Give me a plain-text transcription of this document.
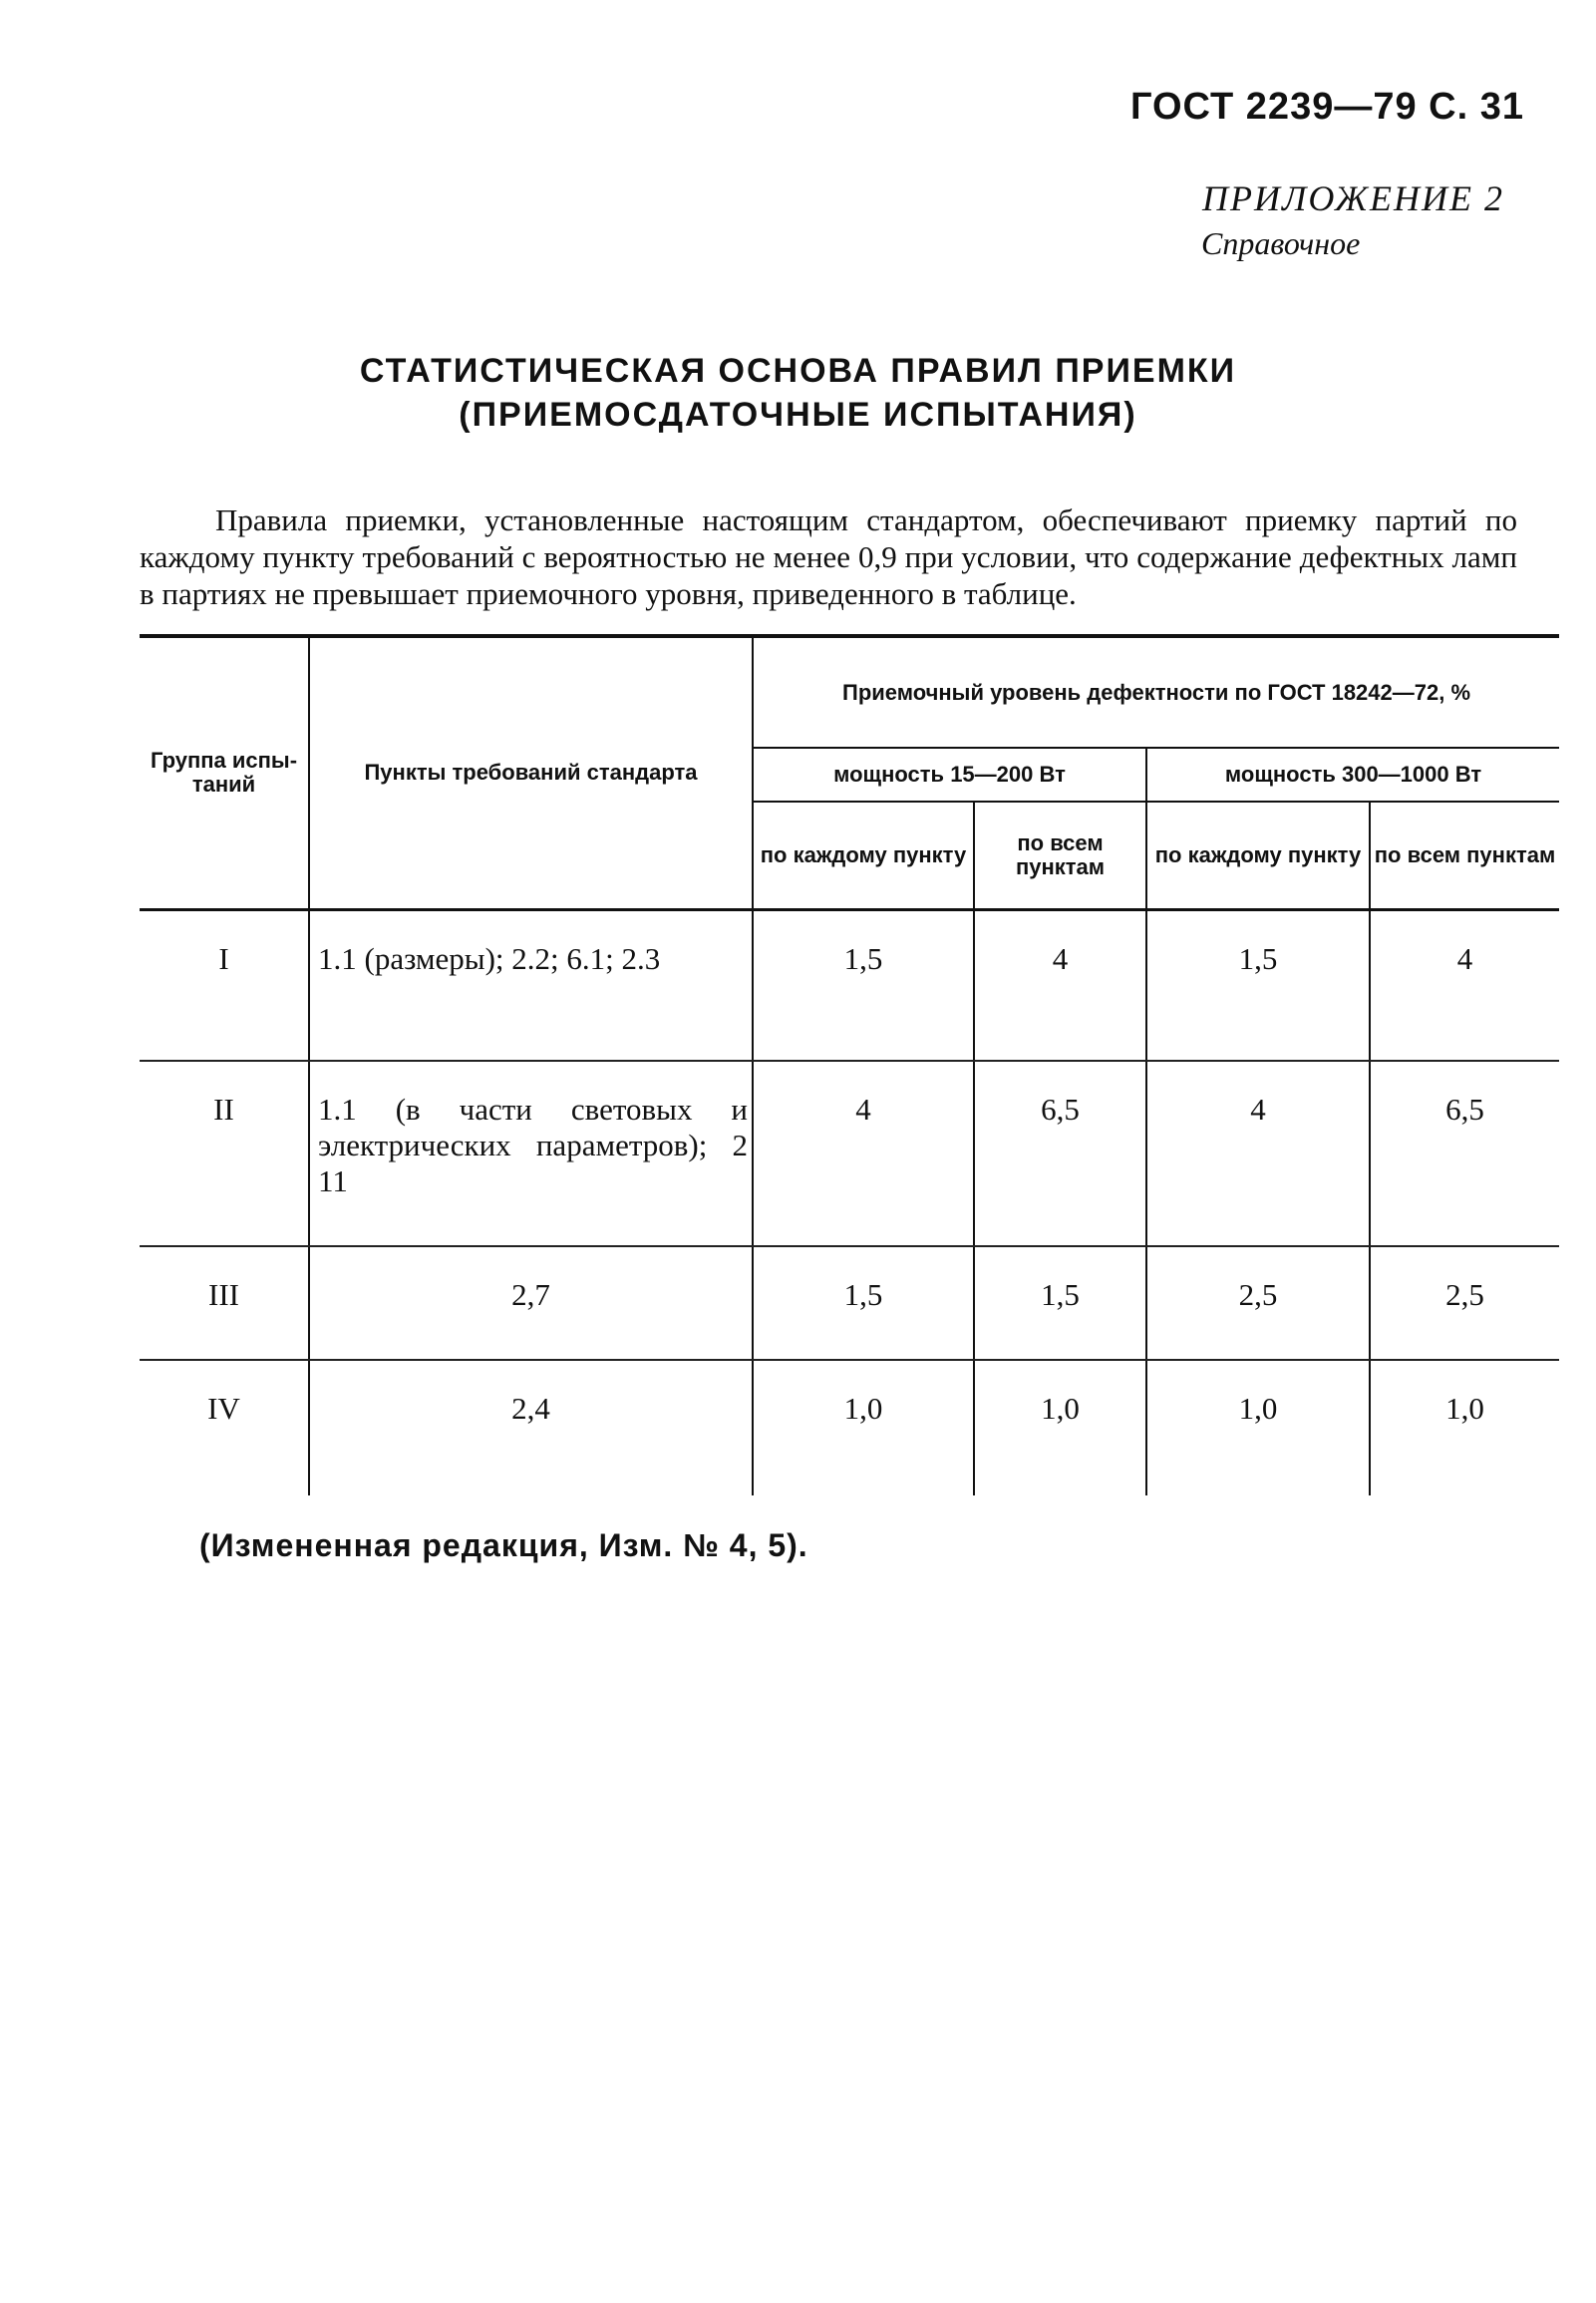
ГОСТ 2239—79 С. 31
ПРИЛОЖЕНИЕ 2
Справочное
СТАТИСТИЧЕСКАЯ ОСНОВА ПРАВИЛ ПРИЕМКИ
(ПРИЕМОСДАТОЧНЫЕ ИСПЫТАНИЯ)

Правила приемки, установленные настоящим стандартом, обеспечивают приемку партий по каждому пункту требований с вероятностью не менее 0,9 при условии, что содержание дефектных ламп в партиях не превышает приемочного уровня, приведенного в таблице.

Группа испы-таний	Пункты требований стандарта	Приемочный уровень дефектности по ГОСТ 18242—72, %			
		мощность 15—200 Вт		мощность 300—1000 Вт	
		по каждому пункту	по всем пунктам	по каждому пункту	по всем пунктам
I	1.1 (размеры); 2.2; 6.1; 2.3	1,5	4	1,5	4
II	1.1 (в части световых и электрических параметров); 2 11	4	6,5	4	6,5
III	2,7	1,5	1,5	2,5	2,5
IV	2,4	1,0	1,0	1,0	1,0
(Измененная редакция, Изм. № 4, 5).
